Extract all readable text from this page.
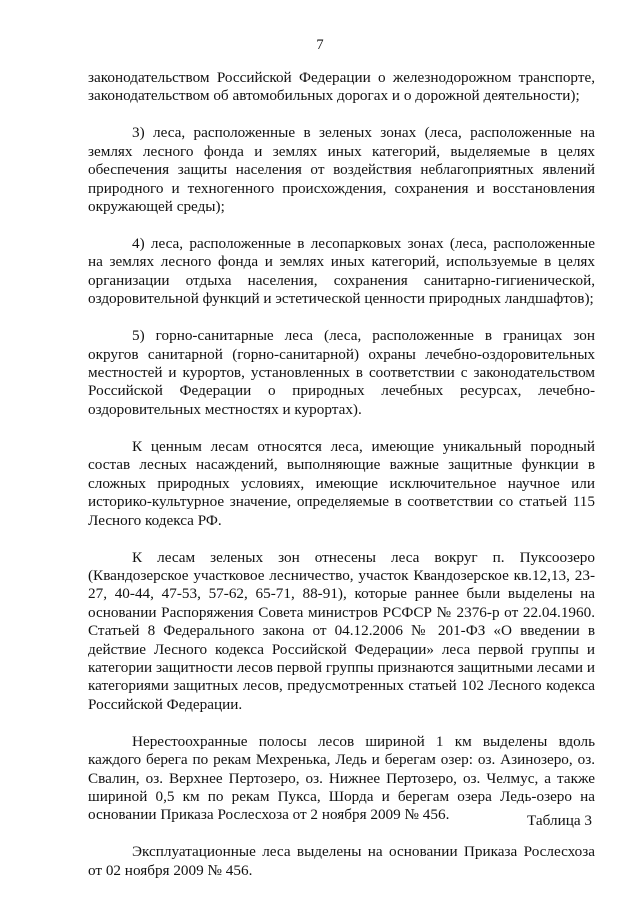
7

законодательством Российской Федерации о железнодорожном транспорте, законодательством об автомобильных дорогах и о дорожной деятельности);

3) леса, расположенные в зеленых зонах (леса, расположенные на землях лесного фонда и землях иных категорий, выделяемые в целях обеспечения защиты населения от воздействия неблагоприятных явлений природного и техногенного происхождения, сохранения и восстановления окружающей среды);

4) леса, расположенные в лесопарковых зонах (леса, расположенные на землях лесного фонда и землях иных категорий, используемые в целях организации отдыха населения, сохранения санитарно-гигиенической, оздоровительной функций и эстетической ценности природных ландшафтов);

5) горно-санитарные леса (леса, расположенные в границах зон округов санитарной (горно-санитарной) охраны лечебно-оздоровительных местностей и курортов, установленных в соответствии с законодательством Российской Федерации о природных лечебных ресурсах, лечебно-оздоровительных местностях и курортах).

К ценным лесам относятся леса, имеющие уникальный породный состав лесных насаждений, выполняющие важные защитные функции в сложных природных условиях, имеющие исключительное научное или историко-культурное значение, определяемые в соответствии со статьей 115 Лесного кодекса РФ.

К лесам зеленых зон отнесены леса вокруг п. Пуксоозеро (Квандозерское участковое лесничество, участок Квандозерское кв.12,13, 23-27, 40-44, 47-53, 57-62, 65-71, 88-91), которые раннее были выделены на основании Распоряжения Совета министров РСФСР № 2376-р от 22.04.1960. Статьей 8 Федерального закона от 04.12.2006 № 201-ФЗ «О введении в действие Лесного кодекса Российской Федерации» леса первой группы и категории защитности лесов первой группы признаются защитными лесами и категориями защитных лесов, предусмотренных статьей 102 Лесного кодекса Российской Федерации.

Нерестоохранные полосы лесов шириной 1 км выделены вдоль каждого берега по рекам Мехренька, Ледь и берегам озер: оз. Азинозеро, оз. Свалин, оз. Верхнее Пертозеро, оз. Нижнее Пертозеро, оз. Челмус, а также шириной 0,5 км по рекам Пукса, Шорда и берегам озера Ледь-озеро на основании Приказа Рослесхоза от 2 ноября 2009 № 456.

Эксплуатационные леса выделены на основании Приказа Рослесхоза от 02 ноября 2009 № 456.

Таблица 3
